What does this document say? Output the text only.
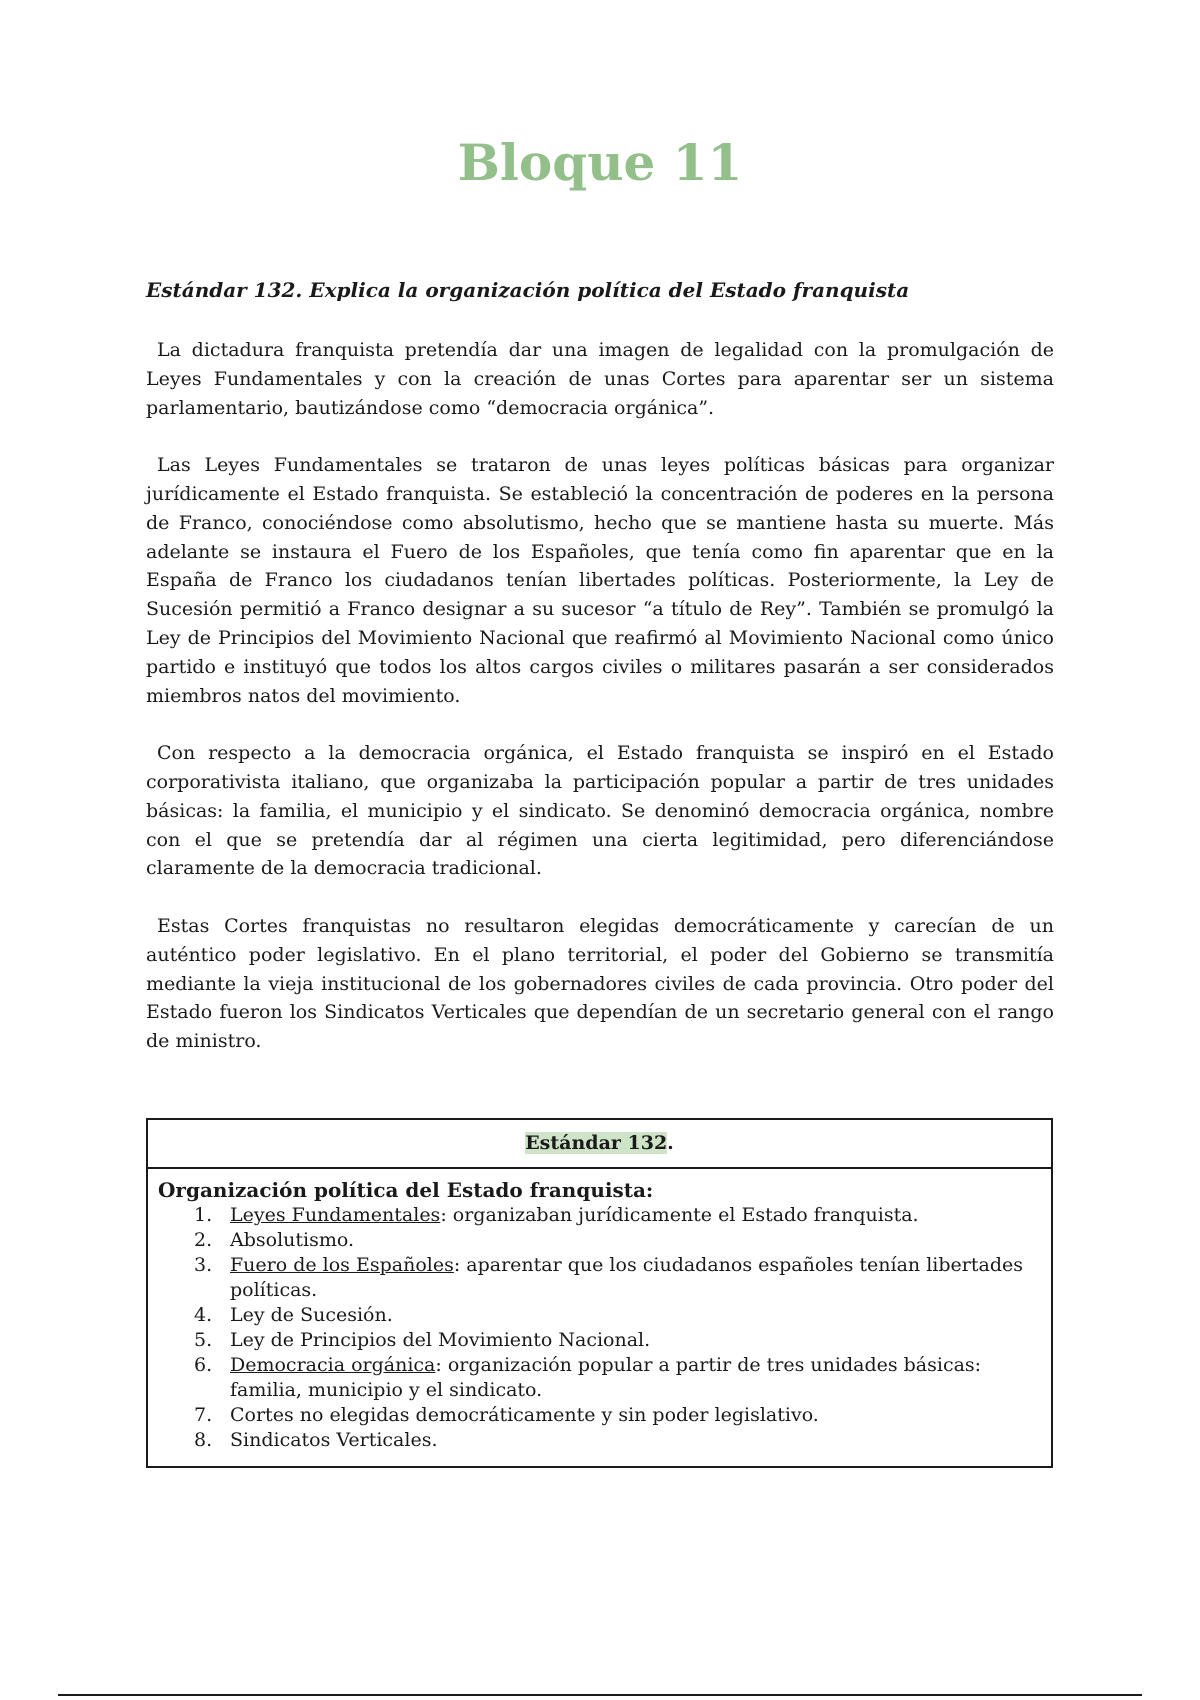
Bloque 11
Estándar 132. Explica la organización política del Estado franquista

La dictadura franquista pretendía dar una imagen de legalidad con la promulgación de Leyes Fundamentales y con la creación de unas Cortes para aparentar ser un sistema parlamentario, bautizándose como “democracia orgánica”.

Las Leyes Fundamentales se trataron de unas leyes políticas básicas para organizar jurídicamente el Estado franquista. Se estableció la concentración de poderes en la persona de Franco, conociéndose como absolutismo, hecho que se mantiene hasta su muerte. Más adelante se instaura el Fuero de los Españoles, que tenía como fin aparentar que en la España de Franco los ciudadanos tenían libertades políticas. Posteriormente, la Ley de Sucesión permitió a Franco designar a su sucesor “a título de Rey”. También se promulgó la Ley de Principios del Movimiento Nacional que reafirmó al Movimiento Nacional como único partido e instituyó que todos los altos cargos civiles o militares pasarán a ser considerados miembros natos del movimiento.

Con respecto a la democracia orgánica, el Estado franquista se inspiró en el Estado corporativista italiano, que organizaba la participación popular a partir de tres unidades básicas: la familia, el municipio y el sindicato. Se denominó democracia orgánica, nombre con el que se pretendía dar al régimen una cierta legitimidad, pero diferenciándose claramente de la democracia tradicional.

Estas Cortes franquistas no resultaron elegidas democráticamente y carecían de un auténtico poder legislativo. En el plano territorial, el poder del Gobierno se transmitía mediante la vieja institucional de los gobernadores civiles de cada provincia. Otro poder del Estado fueron los Sindicatos Verticales que dependían de un secretario general con el rango de ministro.

Estándar 132.
Organización política del Estado franquista:
1. Leyes Fundamentales: organizaban jurídicamente el Estado franquista.
2. Absolutismo.
3. Fuero de los Españoles: aparentar que los ciudadanos españoles tenían libertades políticas.
4. Ley de Sucesión.
5. Ley de Principios del Movimiento Nacional.
6. Democracia orgánica: organización popular a partir de tres unidades básicas: familia, municipio y el sindicato.
7. Cortes no elegidas democráticamente y sin poder legislativo.
8. Sindicatos Verticales.
